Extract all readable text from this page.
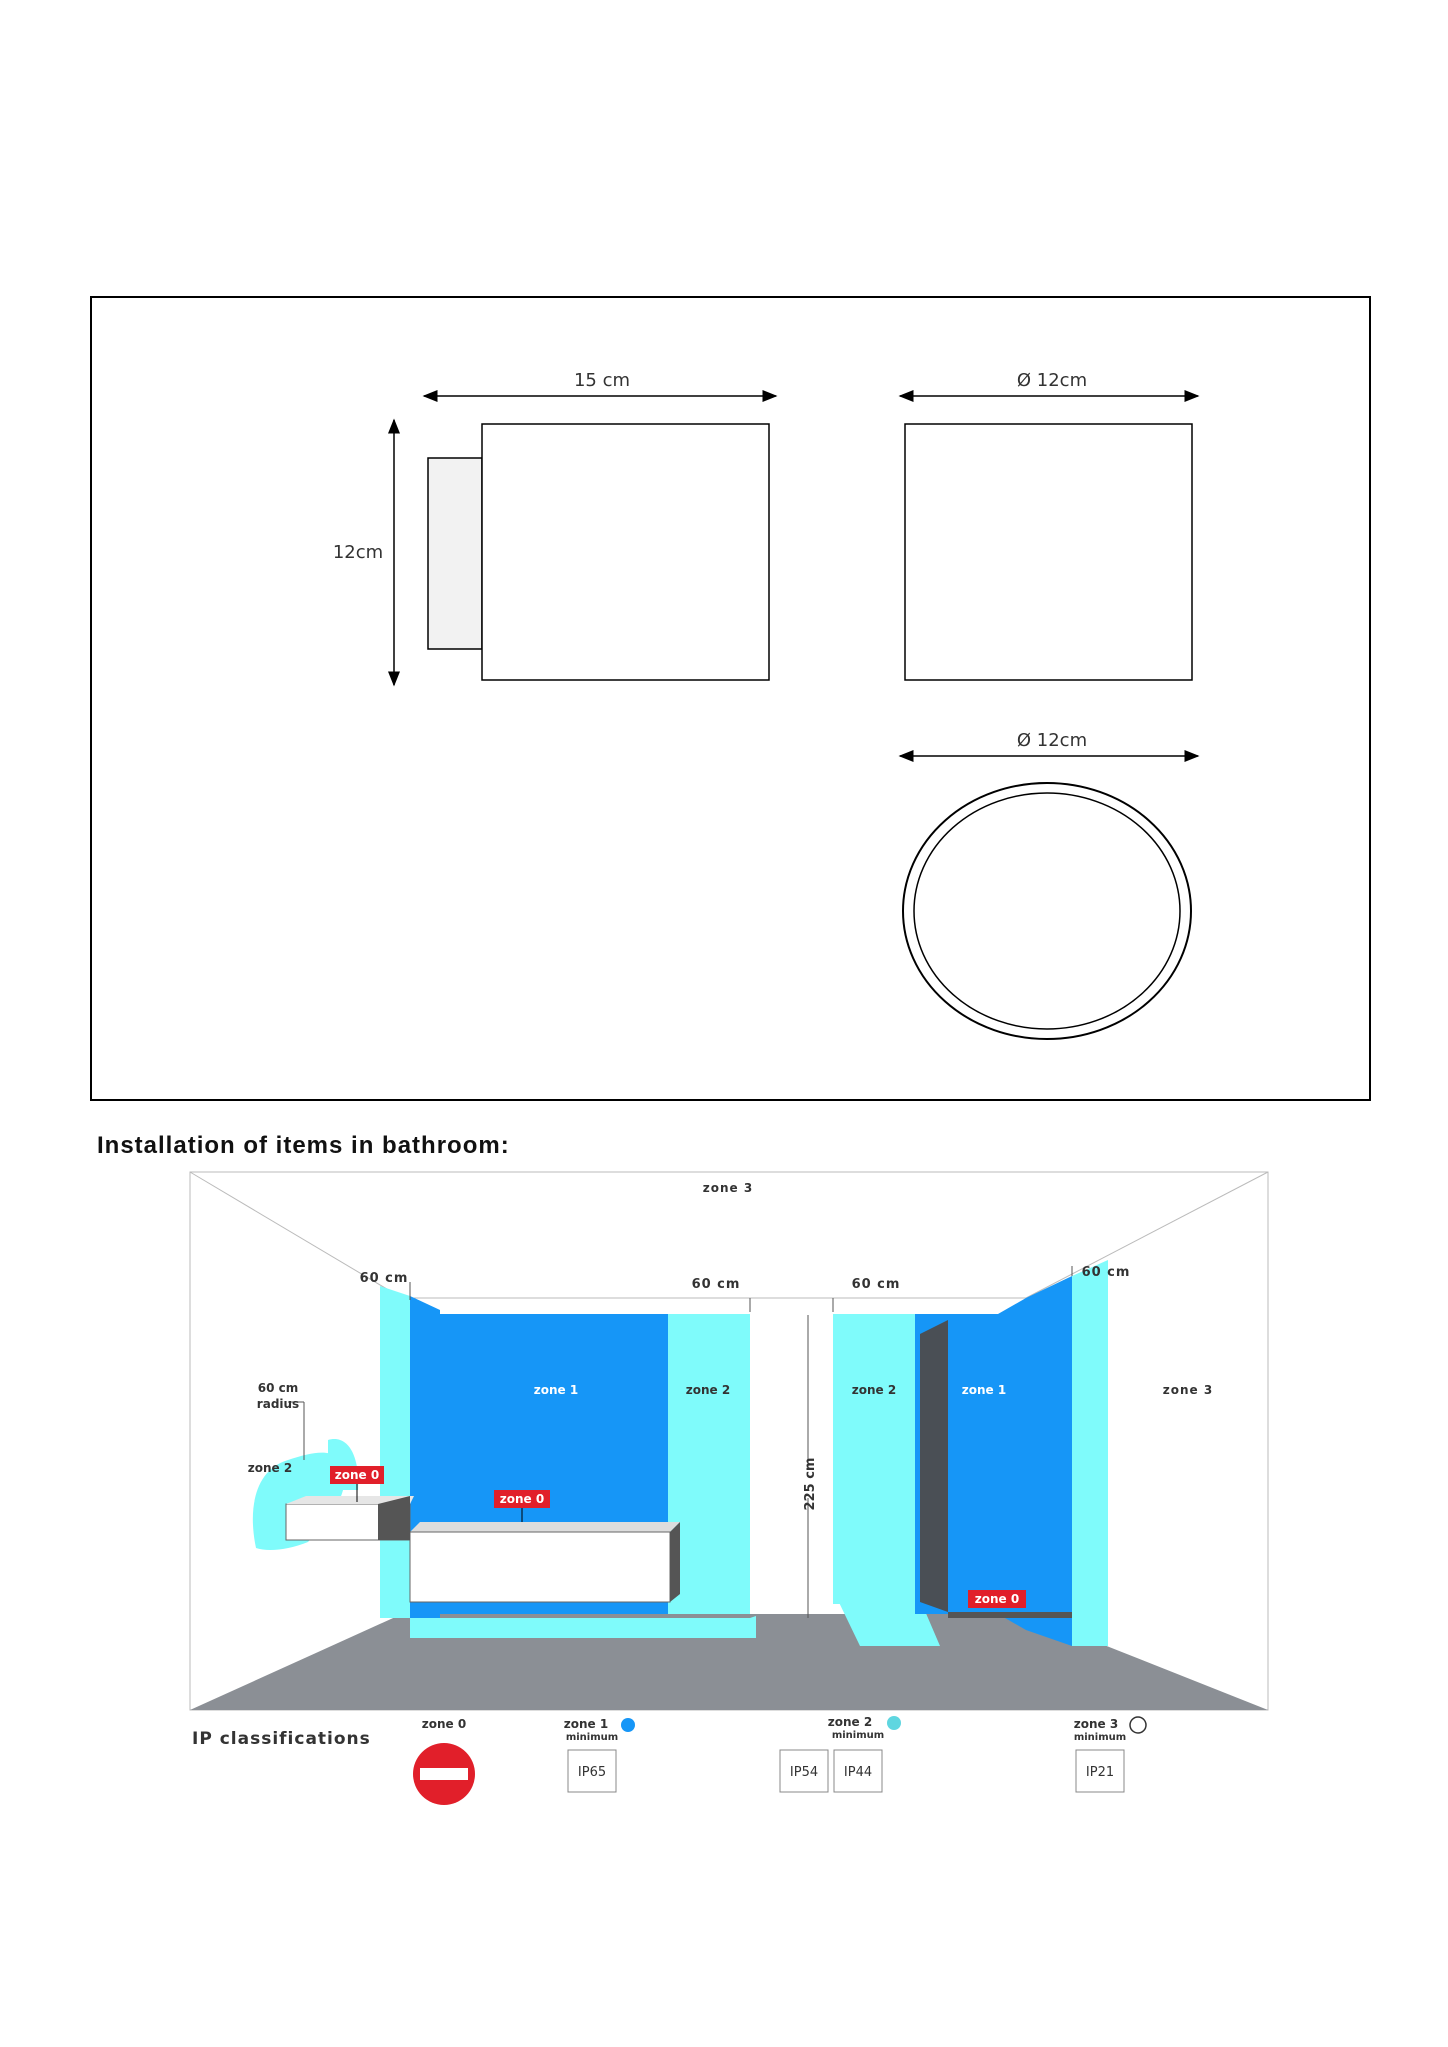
15 cm
12cm
Ø 12cm
Ø 12cm
Installation of items in bathroom:
zone 3
zone 3
60 cm	60 cm	60 cm
60 cm
60 cm
radius
zone 2	zone 0
zone 1	zone 2
zone 0	225 cm
zone 2	zone 1
zone 0
IP classifications
zone 0	zone 1
minimum
IP65
zone 2
minimum
IP54 IP44
zone 3
minimum
IP21
